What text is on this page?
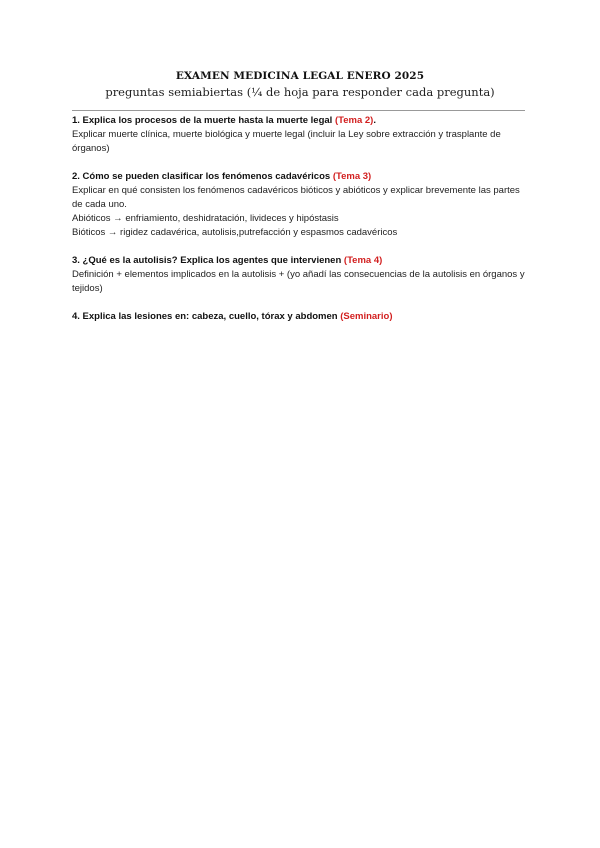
EXAMEN MEDICINA LEGAL ENERO 2025
preguntas semiabiertas (¼ de hoja para responder cada pregunta)
1. Explica los procesos de la muerte hasta la muerte legal (Tema 2).
Explicar muerte clínica, muerte biológica y muerte legal (incluir la Ley sobre extracción y trasplante de órganos)
2. Cómo se pueden clasificar los fenómenos cadavéricos (Tema 3)
Explicar en qué consisten los fenómenos cadavéricos bióticos y abióticos y explicar brevemente las partes de cada uno.
Abióticos → enfriamiento, deshidratación, livideces y hipóstasis
Bióticos → rigidez cadavérica, autolisis,putrefacción y espasmos cadavéricos
3. ¿Qué es la autolisis? Explica los agentes que intervienen (Tema 4)
Definición + elementos implicados en la autolisis + (yo añadí las consecuencias de la autolisis en órganos y tejidos)
4. Explica las lesiones en: cabeza, cuello, tórax y abdomen (Seminario)
